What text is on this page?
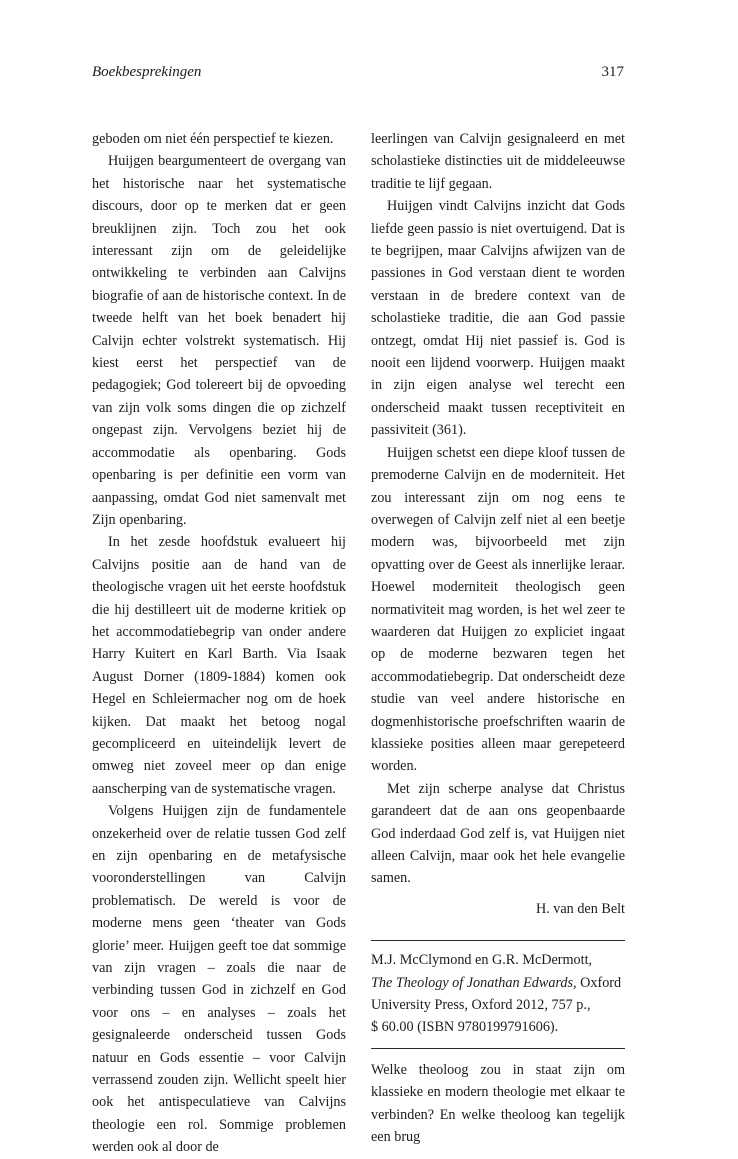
Boekbesprekingen	317

geboden om niet één perspectief te kiezen.

Huijgen beargumenteert de overgang van het historische naar het systematische discours, door op te merken dat er geen breuklijnen zijn. Toch zou het ook interessant zijn om de geleidelijke ontwikkeling te verbinden aan Calvijns biografie of aan de historische context. In de tweede helft van het boek benadert hij Calvijn echter volstrekt systematisch. Hij kiest eerst het perspectief van de pedagogiek; God tolereert bij de opvoeding van zijn volk soms dingen die op zichzelf ongepast zijn. Vervolgens beziet hij de accommodatie als openbaring. Gods openbaring is per definitie een vorm van aanpassing, omdat God niet samenvalt met Zijn openbaring.

In het zesde hoofdstuk evalueert hij Calvijns positie aan de hand van de theologische vragen uit het eerste hoofdstuk die hij destilleert uit de moderne kritiek op het accommodatiebegrip van onder andere Harry Kuitert en Karl Barth. Via Isaak August Dorner (1809-1884) komen ook Hegel en Schleiermacher nog om de hoek kijken. Dat maakt het betoog nogal gecompliceerd en uiteindelijk levert de omweg niet zoveel meer op dan enige aanscherping van de systematische vragen.

Volgens Huijgen zijn de fundamentele onzekerheid over de relatie tussen God zelf en zijn openbaring en de metafysische vooronderstellingen van Calvijn problematisch. De wereld is voor de moderne mens geen ‘theater van Gods glorie’ meer. Huijgen geeft toe dat sommige van zijn vragen – zoals die naar de verbinding tussen God in zichzelf en God voor ons – en analyses – zoals het gesignaleerde onderscheid tussen Gods natuur en Gods essentie – voor Calvijn verrassend zouden zijn. Wellicht speelt hier ook het antispeculatieve van Calvijns theologie een rol. Sommige problemen werden ook al door de

leerlingen van Calvijn gesignaleerd en met scholastieke distincties uit de middeleeuwse traditie te lijf gegaan.

Huijgen vindt Calvijns inzicht dat Gods liefde geen passio is niet overtuigend. Dat is te begrijpen, maar Calvijns afwijzen van de passiones in God verstaan dient te worden verstaan in de bredere context van de scholastieke traditie, die aan God passie ontzegt, omdat Hij niet passief is. God is nooit een lijdend voorwerp. Huijgen maakt in zijn eigen analyse wel terecht een onderscheid maakt tussen receptiviteit en passiviteit (361).

Huijgen schetst een diepe kloof tussen de premoderne Calvijn en de moderniteit. Het zou interessant zijn om nog eens te overwegen of Calvijn zelf niet al een beetje modern was, bijvoorbeeld met zijn opvatting over de Geest als innerlijke leraar. Hoewel moderniteit theologisch geen normativiteit mag worden, is het wel zeer te waarderen dat Huijgen zo expliciet ingaat op de moderne bezwaren tegen het accommodatiebegrip. Dat onderscheidt deze studie van veel andere historische en dogmenhistorische proefschriften waarin de klassieke posities alleen maar gerepeteerd worden.

Met zijn scherpe analyse dat Christus garandeert dat de aan ons geopenbaarde God inderdaad God zelf is, vat Huijgen niet alleen Calvijn, maar ook het hele evangelie samen.

H. van den Belt

M.J. McClymond en G.R. McDermott,
The Theology of Jonathan Edwards, Oxford
University Press, Oxford 2012, 757 p.,
$ 60.00 (ISBN 9780199791606).

Welke theoloog zou in staat zijn om klassieke en modern theologie met elkaar te verbinden? En welke theoloog kan tegelijk een brug
